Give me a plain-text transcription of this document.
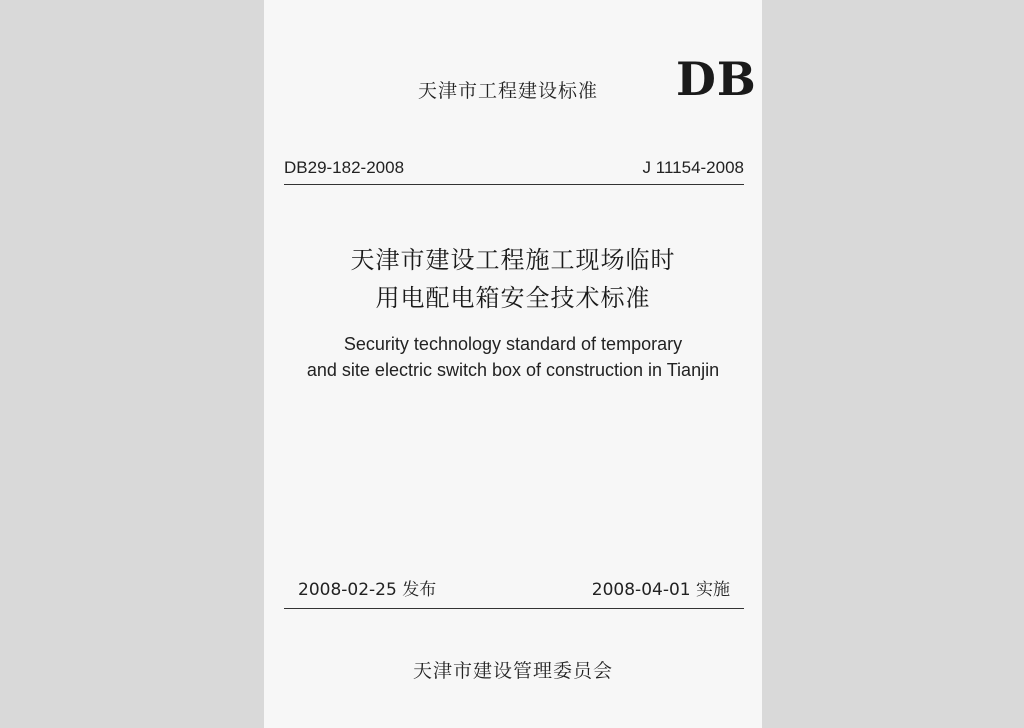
天津市工程建设标准 DB
DB29-182-2008	J 11154-2008
天津市建设工程施工现场临时
用电配电箱安全技术标准
Security technology standard of temporary
and site electric switch box of construction in Tianjin
2008-02-25 发布	2008-04-01 实施
天津市建设管理委员会
